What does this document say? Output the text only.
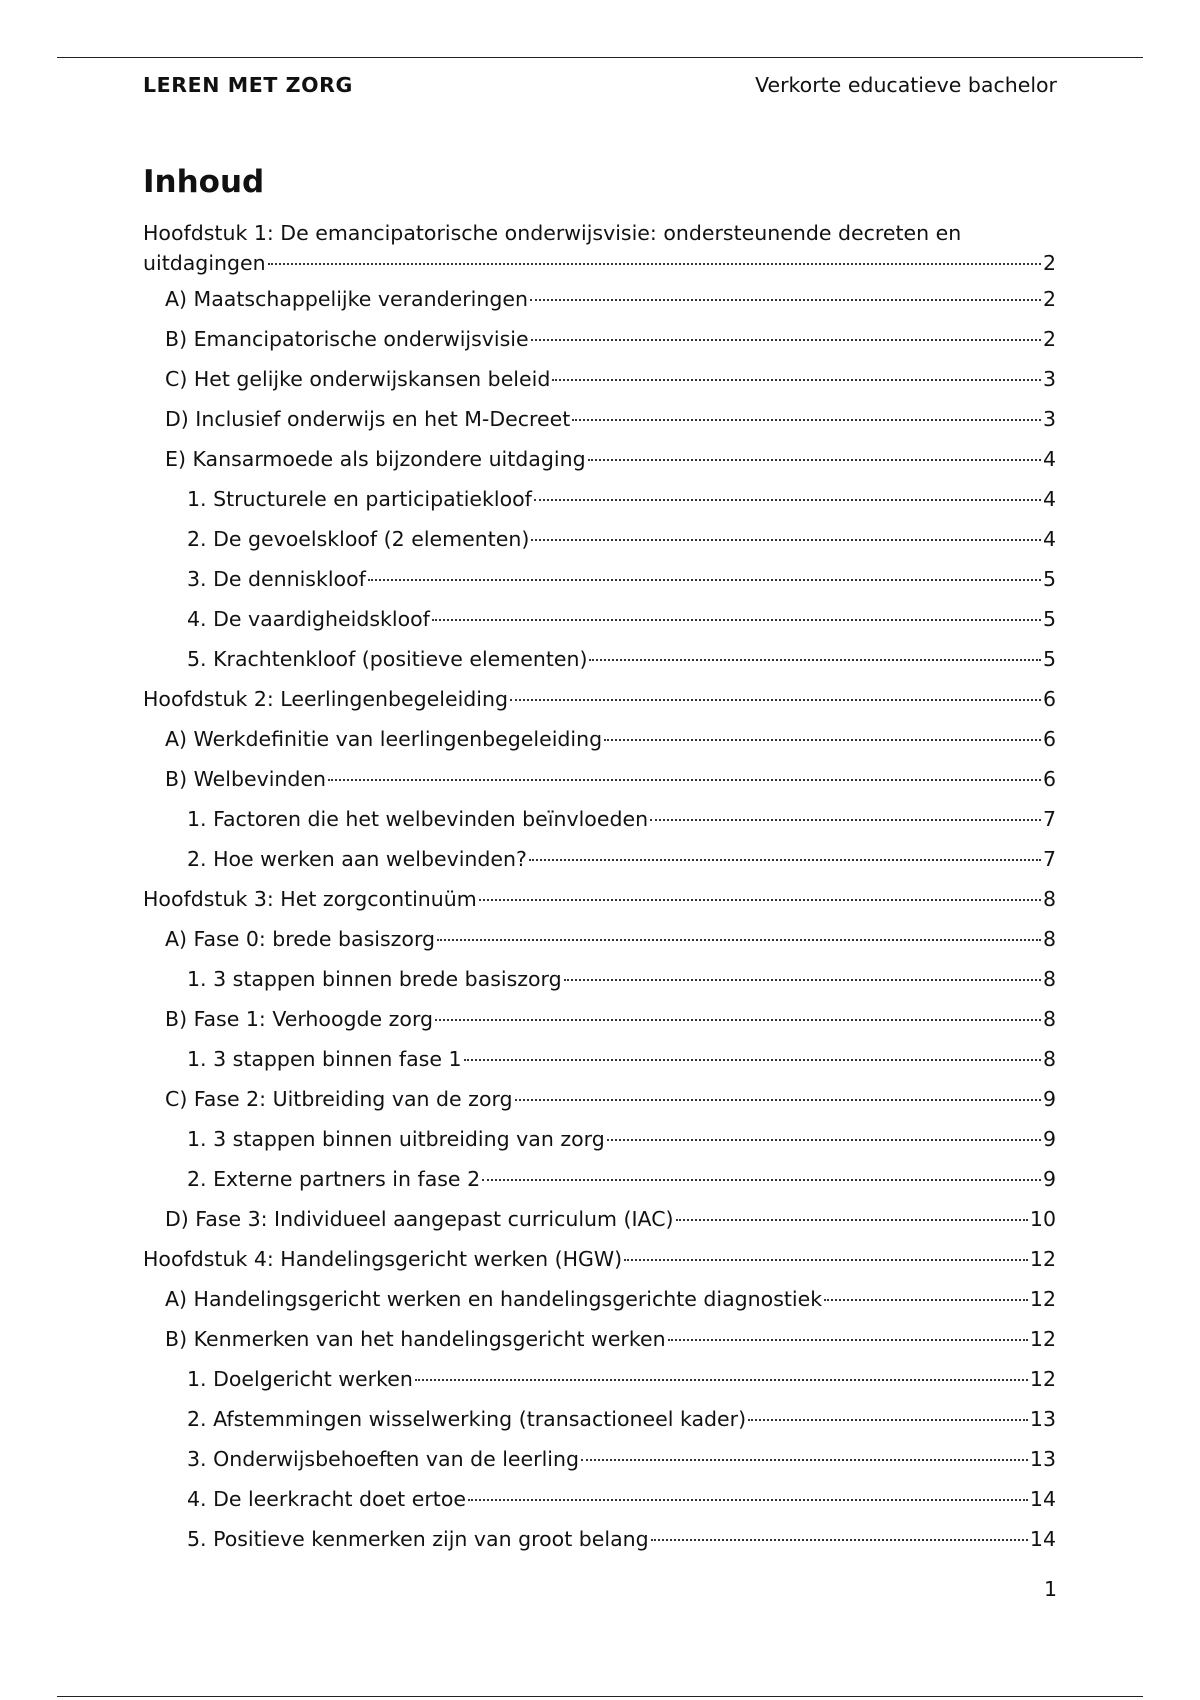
LEREN MET ZORG	Verkorte educatieve bachelor
Inhoud
Hoofdstuk 1: De emancipatorische onderwijsvisie: ondersteunende decreten en
uitdagingen	2
A) Maatschappelijke veranderingen	2
B) Emancipatorische onderwijsvisie	2
C) Het gelijke onderwijskansen beleid	3
D) Inclusief onderwijs en het M-Decreet	3
E) Kansarmoede als bijzondere uitdaging	4
1. Structurele en participatiekloof	4
2. De gevoelskloof (2 elementen)	4
3. De denniskloof	5
4. De vaardigheidskloof	5
5. Krachtenkloof (positieve elementen)	5
Hoofdstuk 2: Leerlingenbegeleiding	6
A) Werkdefinitie van leerlingenbegeleiding	6
B) Welbevinden	6
1. Factoren die het welbevinden beïnvloeden	7
2. Hoe werken aan welbevinden?	7
Hoofdstuk 3: Het zorgcontinuüm	8
A) Fase 0: brede basiszorg	8
1. 3 stappen binnen brede basiszorg	8
B) Fase 1: Verhoogde zorg	8
1. 3 stappen binnen fase 1	8
C) Fase 2: Uitbreiding van de zorg	9
1. 3 stappen binnen uitbreiding van zorg	9
2. Externe partners in fase 2	9
D) Fase 3: Individueel aangepast curriculum (IAC)	10
Hoofdstuk 4: Handelingsgericht werken (HGW)	12
A) Handelingsgericht werken en handelingsgerichte diagnostiek	12
B) Kenmerken van het handelingsgericht werken	12
1. Doelgericht werken	12
2. Afstemmingen wisselwerking (transactioneel kader)	13
3. Onderwijsbehoeften van de leerling	13
4. De leerkracht doet ertoe	14
5. Positieve kenmerken zijn van groot belang	14
1
